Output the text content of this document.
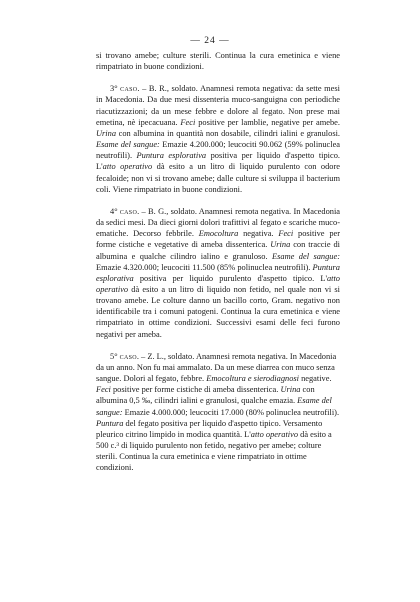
— 24 —

si trovano amebe; culture sterili. Continua la cura emetinica e viene rimpatriato in buone condizioni.

3° caso. – B. R., soldato. Anamnesi remota negativa: da sette mesi in Macedonia. Da due mesi dissenteria muco-sanguigna con periodiche riacutizzazioni; da un mese febbre e dolore al fegato. Non prese mai emetina, nè ipecacuana. Feci positive per lamblie, negative per amebe. Urina con albumina in quantità non dosabile, cilindri ialini e granulosi. Esame del sangue: Emazie 4.200.000; leucociti 90.062 (59% polinuclea neutrofili). Puntura esplorativa positiva per liquido d'aspetto tipico. L'atto operativo dà esito a un litro di liquido purulento con odore fecaloide; non vi si trovano amebe; dalle culture si sviluppa il bacterium coli. Viene rimpatriato in buone condizioni.

4° caso. – B. G., soldato. Anamnesi remota negativa. In Macedonia da sedici mesi. Da dieci giorni dolori trafittivi al fegato e scariche muco-ematiche. Decorso febbrile. Emocoltura negativa. Feci positive per forme cistiche e vegetative di ameba dissenterica. Urina con traccie di albumina e qualche cilindro ialino e granuloso. Esame del sangue: Emazie 4.320.000; leucociti 11.500 (85% polinuclea neutrofili). Puntura esplorativa positiva per liquido purulento d'aspetto tipico. L'atto operativo dà esito a un litro di liquido non fetido, nel quale non vi si trovano amebe. Le colture danno un bacillo corto, Gram. negativo non identificabile tra i comuni patogeni. Continua la cura emetinica e viene rimpatriato in ottime condizioni. Successivi esami delle feci furono negativi per ameba.

5° caso. – Z. L., soldato. Anamnesi remota negativa. In Macedonia da un anno. Non fu mai ammalato. Da un mese diarrea con muco senza sangue. Dolori al fegato, febbre. Emocoltura e sierodiagnosi negative. Feci positive per forme cistiche di ameba dissenterica. Urina con albumina 0,5 ‰, cilindri ialini e granulosi, qualche emazia. Esame del sangue: Emazie 4.000.000; leucociti 17.000 (80% polinuclea neutrofili). Puntura del fegato positiva per liquido d'aspetto tipico. Versamento pleurico citrino limpido in modica quantità. L'atto operativo dà esito a 500 c.³ di liquido purulento non fetido, negativo per amebe; colture sterili. Continua la cura emetinica e viene rimpatriato in ottime condizioni.
